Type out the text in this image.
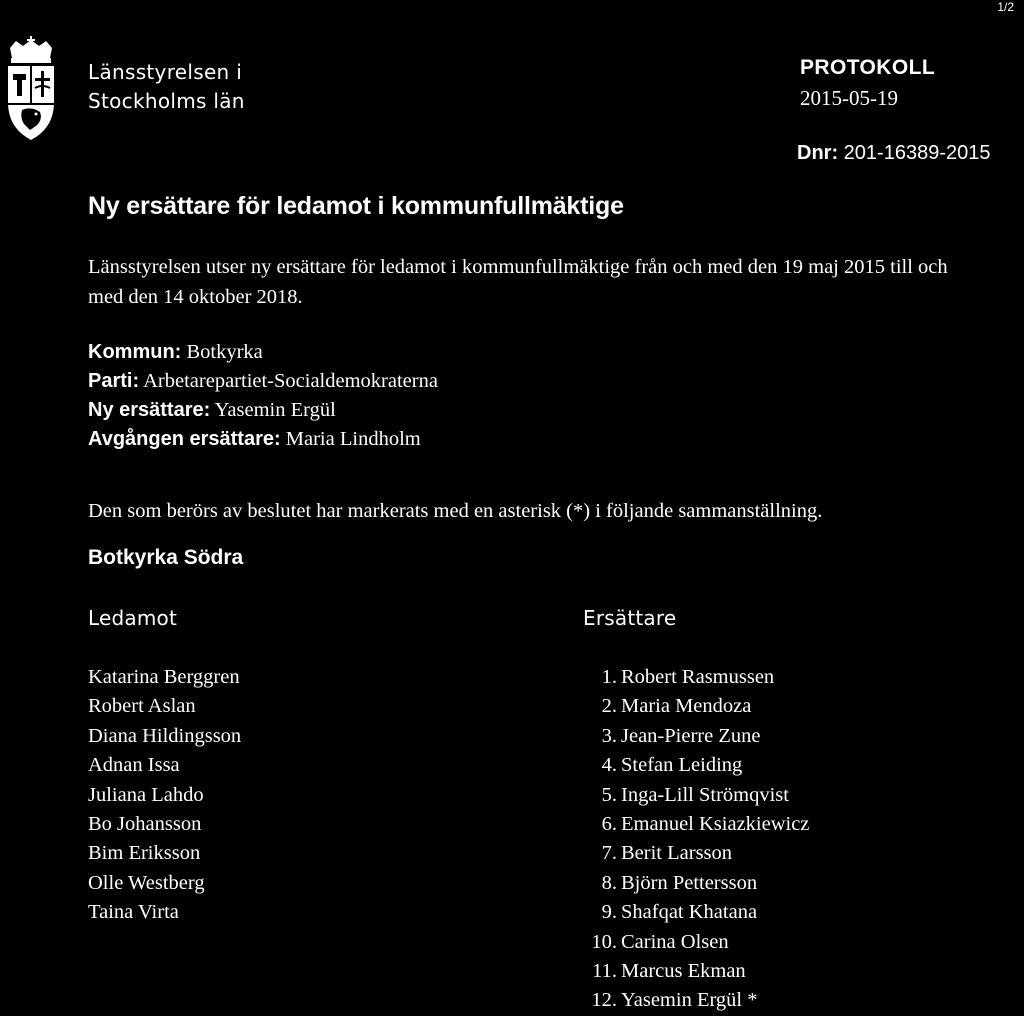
1/2
Länsstyrelsen i
Stockholms län
PROTOKOLL
2015-05-19
Dnr: 201-16389-2015
Ny ersättare för ledamot i kommunfullmäktige
Länsstyrelsen utser ny ersättare för ledamot i kommunfullmäktige från och med den 19 maj 2015 till och med den 14 oktober 2018.
Kommun: Botkyrka
Parti: Arbetarepartiet-Socialdemokraterna
Ny ersättare: Yasemin Ergül
Avgången ersättare: Maria Lindholm
Den som berörs av beslutet har markerats med en asterisk (*) i följande sammanställning.
Botkyrka Södra
Ledamot	Ersättare
Katarina Berggren
Robert Aslan
Diana Hildingsson
Adnan Issa
Juliana Lahdo
Bo Johansson
Bim Eriksson
Olle Westberg
Taina Virta
1. Robert Rasmussen
2. Maria Mendoza
3. Jean-Pierre Zune
4. Stefan Leiding
5. Inga-Lill Strömqvist
6. Emanuel Ksiazkiewicz
7. Berit Larsson
8. Björn Pettersson
9. Shafqat Khatana
10. Carina Olsen
11. Marcus Ekman
12. Yasemin Ergül *
